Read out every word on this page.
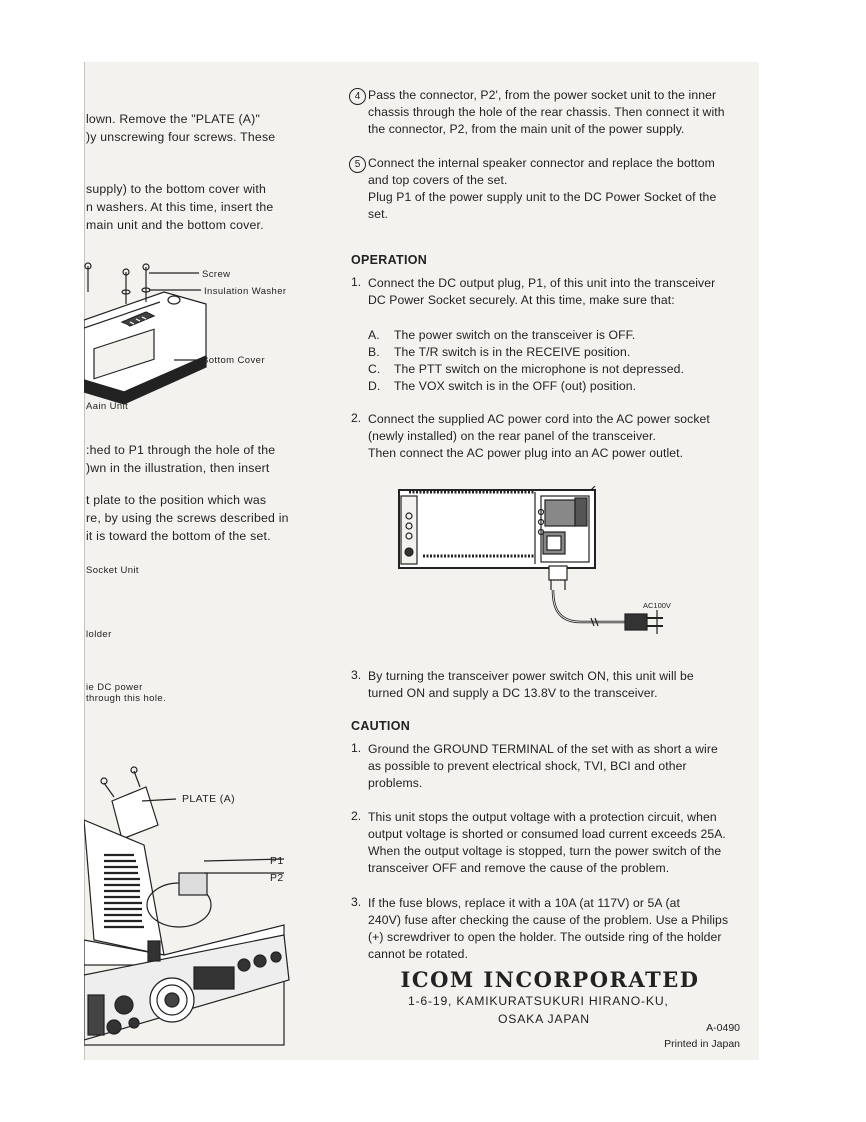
lown. Remove the "PLATE (A)"
)y unscrewing four screws. These
supply) to the bottom cover with
n washers. At this time, insert the
main unit and the bottom cover.
Screw
Insulation Washer
Bottom Cover
Aain Unit
:hed to P1 through the hole of the
)wn in the illustration, then insert
t plate to the position which was
re, by using the screws described in
it is toward the bottom of the set.
Socket Unit
lolder
ie DC power
through this hole.
PLATE (A)
P1
P2
4 Pass the connector, P2', from the power socket unit to the inner
chassis through the hole of the rear chassis. Then connect it with
the connector, P2, from the main unit of the power supply.
5 Connect the internal speaker connector and replace the bottom
and top covers of the set.
Plug P1 of the power supply unit to the DC Power Socket of the
set.
OPERATION
1. Connect the DC output plug, P1, of this unit into the transceiver
DC Power Socket securely. At this time, make sure that:
A. The power switch on the transceiver is OFF.
B. The T/R switch is in the RECEIVE position.
C. The PTT switch on the microphone is not depressed.
D. The VOX switch is in the OFF (out) position.
2. Connect the supplied AC power cord into the AC power socket
(newly installed) on the rear panel of the transceiver.
Then connect the AC power plug into an AC power outlet.
AC100V
3. By turning the transceiver power switch ON, this unit will be
turned ON and supply a DC 13.8V to the transceiver.
CAUTION
1. Ground the GROUND TERMINAL of the set with as short a wire
as possible to prevent electrical shock, TVI, BCI and other
problems.
2. This unit stops the output voltage with a protection circuit, when
output voltage is shorted or consumed load current exceeds 25A.
When the output voltage is stopped, turn the power switch of the
transceiver OFF and remove the cause of the problem.
3. If the fuse blows, replace it with a 10A (at 117V) or 5A (at
240V) fuse after checking the cause of the problem. Use a Philips
(+) screwdriver to open the holder. The outside ring of the holder
cannot be rotated.
ICOM INCORPORATED
1-6-19, KAMIKURATSUKURI HIRANO-KU,
OSAKA JAPAN
A-0490
Printed in Japan
